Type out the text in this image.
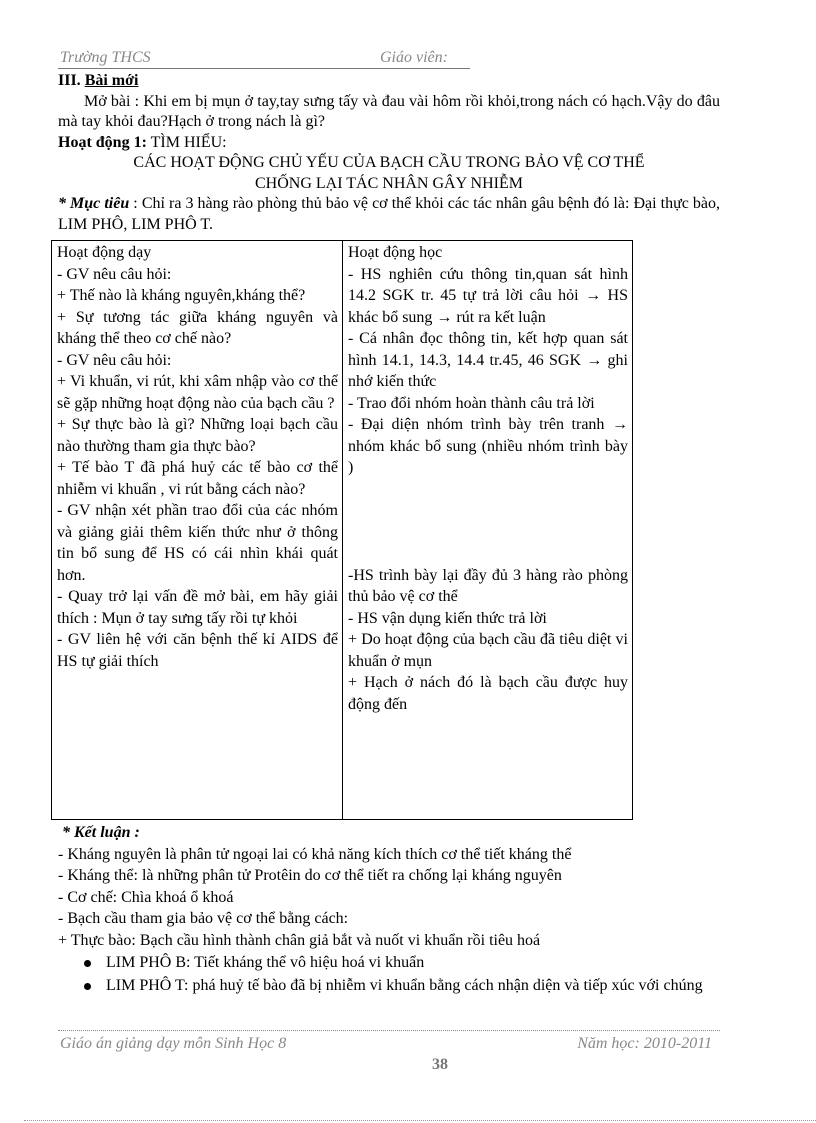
Trường THCS	Giáo viên:

III. Bài mới

Mở bài : Khi em bị mụn ở tay,tay sưng tấy và đau vài hôm rồi khỏi,trong nách có hạch.Vậy do đâu mà tay khỏi đau?Hạch ở trong nách là gì?

Hoạt động 1: TÌM HIỂU:

CÁC HOẠT ĐỘNG CHỦ YẾU CỦA BẠCH CẦU TRONG BẢO VỆ CƠ THỂ

CHỐNG LẠI TÁC NHÂN GÂY NHIỄM

* Mục tiêu : Chỉ ra 3 hàng rào phòng thủ bảo vệ cơ thể khỏi các tác nhân gâu bệnh đó là: Đại thực bào, LIM PHÔ, LIM PHÔ T.

Hoạt động dạy

- GV nêu câu hỏi:

+ Thế nào là kháng nguyên,kháng thể?

+ Sự tương tác giữa kháng nguyên và kháng thể theo cơ chế nào?

- GV nêu câu hỏi:

+ Vi khuẩn, vi rút, khi xâm nhập vào cơ thể sẽ gặp những hoạt động nào của bạch cầu ?

+ Sự thực bào là gì? Những loại bạch cầu nào thường tham gia thực bào?

+ Tế bào T đã phá huỷ các tế bào cơ thể nhiễm vi khuẩn , vi rút bằng cách nào?

- GV nhận xét phần trao đổi của các nhóm và giảng giải thêm kiến thức như ở thông tin bổ sung để HS có cái nhìn khái quát hơn.

- Quay trở lại vấn đề mở bài, em hãy giải thích : Mụn ở tay sưng tấy rồi tự khỏi

- GV liên hệ với căn bệnh thế kỉ AIDS để HS tự giải thích

Hoạt động học

- HS nghiên cứu thông tin,quan sát hình 14.2 SGK tr. 45 tự trả lời câu hỏi → HS khác bổ sung → rút ra kết luận

- Cá nhân đọc thông tin, kết hợp quan sát hình 14.1, 14.3, 14.4 tr.45, 46 SGK → ghi nhớ kiến thức

- Trao đổi nhóm hoàn thành câu trả lời

- Đại diện nhóm trình bày trên tranh → nhóm khác bổ sung (nhiều nhóm trình bày )

-HS trình bày lại đầy đủ 3 hàng rào phòng thủ bảo vệ cơ thể

- HS vận dụng kiến thức trả lời

+ Do hoạt động của bạch cầu đã tiêu diệt vi khuẩn ở mụn

+ Hạch ở nách đó là bạch cầu được huy động đến

* Kết luận :

- Kháng nguyên là phân tử ngoại lai có khả năng kích thích cơ thể tiết kháng thể

- Kháng thể: là những phân tử Protêin do cơ thể tiết ra chống lại kháng nguyên

- Cơ chế: Chìa khoá ổ khoá

- Bạch cầu tham gia bảo vệ cơ thể bằng cách:

+ Thực bào: Bạch cầu hình thành chân giả bắt và nuốt vi khuẩn rồi tiêu hoá

LIM PHÔ B: Tiết kháng thể vô hiệu hoá vi khuẩn
LIM PHÔ T: phá huỷ tế bào đã bị nhiễm vi khuẩn bằng cách nhận diện và tiếp xúc với chúng
Giáo án giảng dạy môn Sinh Học 8	Năm học: 2010-2011
38
